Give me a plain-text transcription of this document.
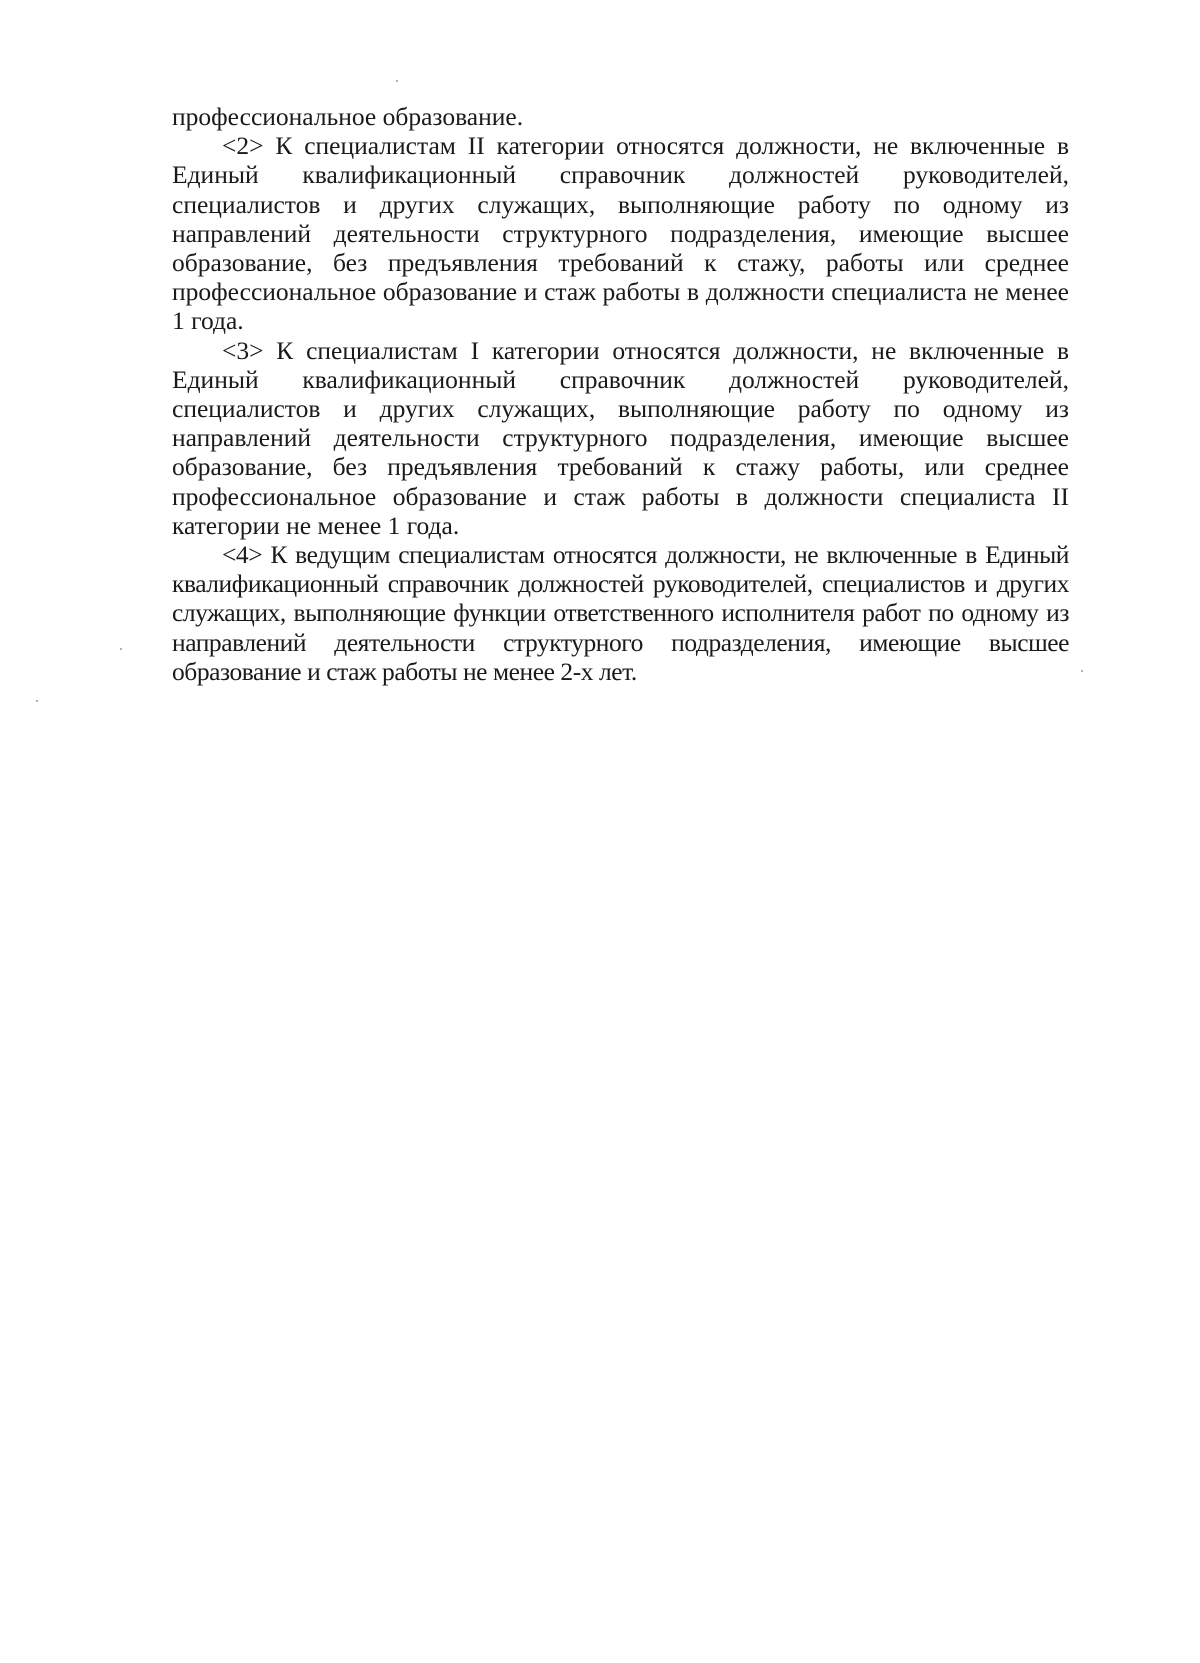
профессиональное образование.

<2> К специалистам II категории относятся должности, не включенные в Единый квалификационный справочник должностей руководителей, специалистов и других служащих, выполняющие работу по одному из направлений деятельности структурного подразделения, имеющие высшее образование, без предъявления требований к стажу, работы или среднее профессиональное образование и стаж работы в должности специалиста не менее 1 года.

<3> К специалистам I категории относятся должности, не включенные в Единый квалификационный справочник должностей руководителей, специалистов и других служащих, выполняющие работу по одному из направлений деятельности структурного подразделения, имеющие высшее образование, без предъявления требований к стажу работы, или среднее профессиональное образование и стаж работы в должности специалиста II категории не менее 1 года.

<4> К ведущим специалистам относятся должности, не включенные в Единый квалификационный справочник должностей руководителей, специалистов и других служащих, выполняющие функции ответственного исполнителя работ по одному из направлений деятельности структурного подразделения, имеющие высшее образование и стаж работы не менее 2-х лет.
